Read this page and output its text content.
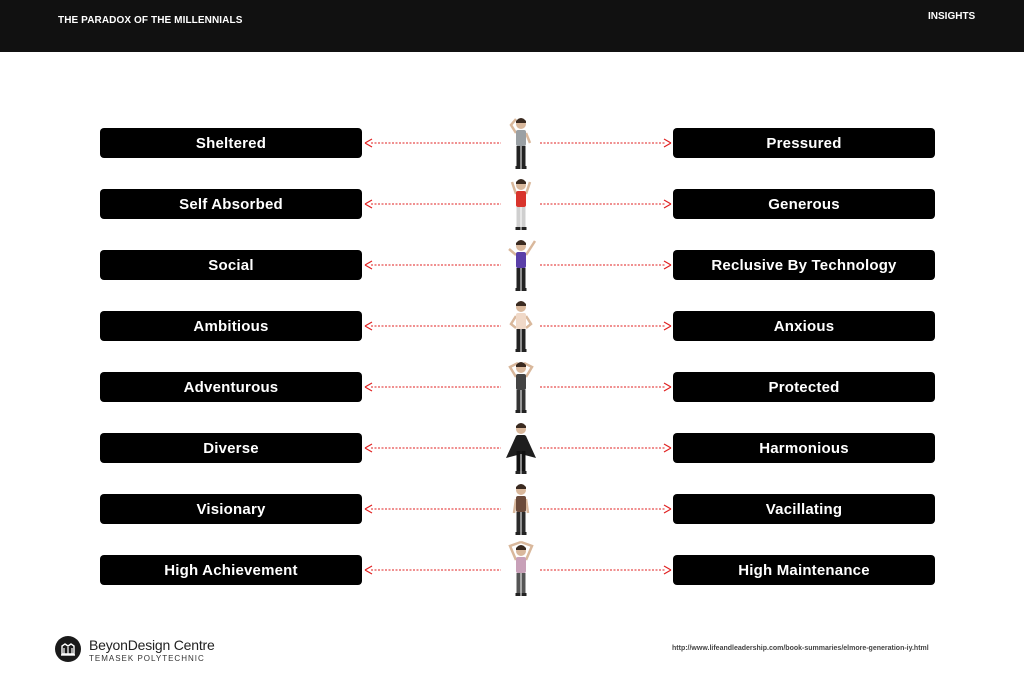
THE PARADOX OF THE MILLENNIALS	INSIGHTS
Sheltered	Pressured
Self Absorbed	Generous
Social	Reclusive By Technology
Ambitious	Anxious
Adventurous	Protected
Diverse	Harmonious
Visionary	Vacillating
High Achievement	High Maintenance
BeyonDesign Centre
TEMASEK POLYTECHNIC
http://www.lifeandleadership.com/book-summaries/elmore-generation-iy.html
